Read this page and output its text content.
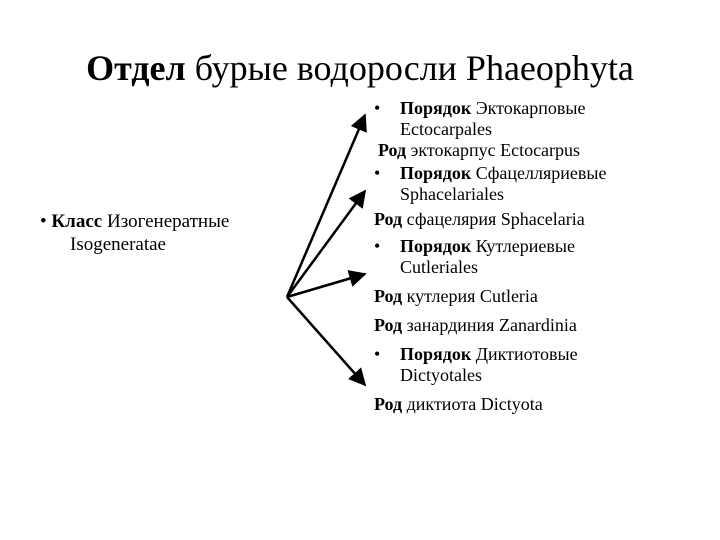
Отдел бурые водоросли Phaeophyta
• Класс Изогенератные
Isogeneratae
• Порядок Эктокарповые
Ectocarpales
Род эктокарпус Ectocarpus
• Порядок Сфацелляриевые
Sphacelariales
Род сфацелярия Sphacelaria
• Порядок Кутлериевые
Cutleriales
Род кутлерия Cutleria
Род занардиния Zanardinia
• Порядок Диктиотовые
Dictyotales
Род диктиота Dictyota
